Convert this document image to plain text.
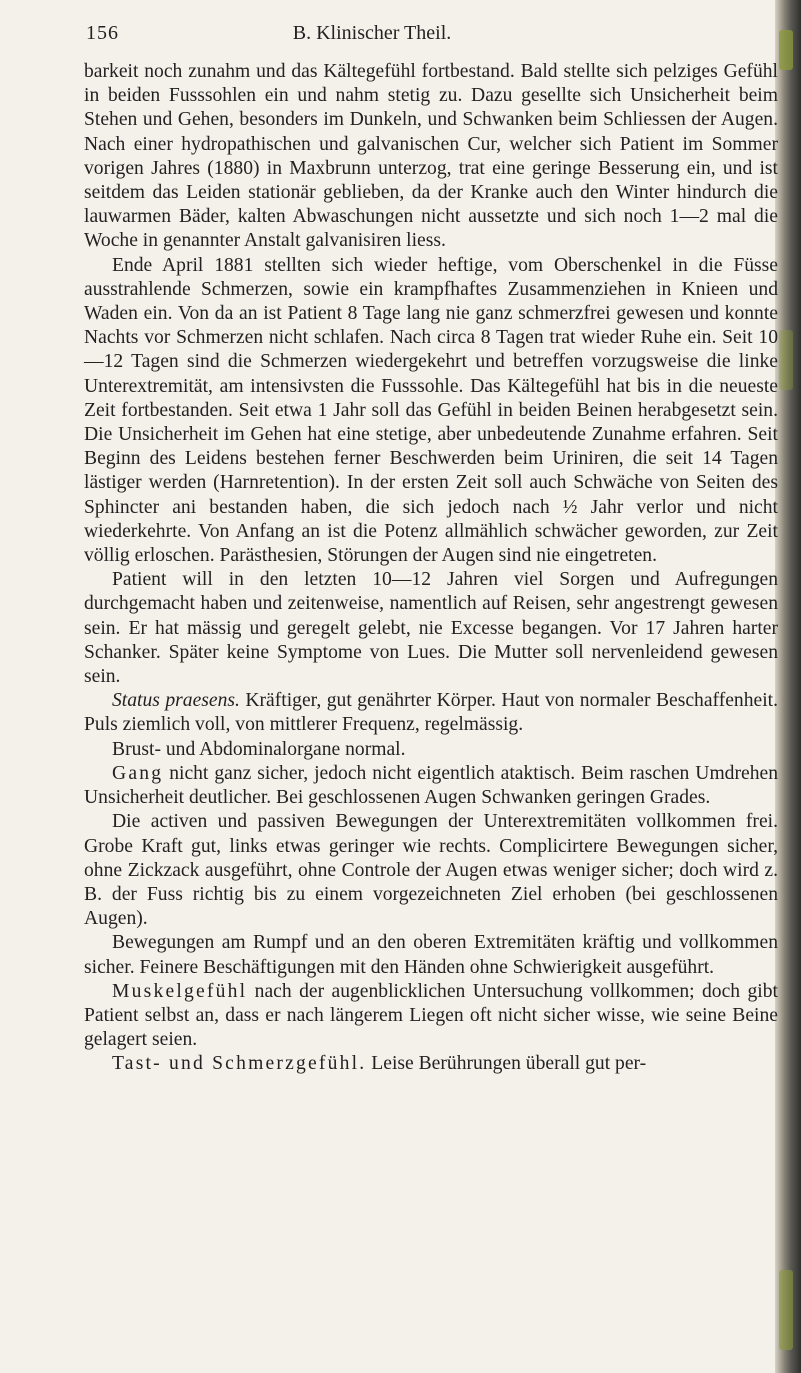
156	B. Klinischer Theil.

barkeit noch zunahm und das Kältegefühl fortbestand. Bald stellte sich pelziges Gefühl in beiden Fusssohlen ein und nahm stetig zu. Dazu gesellte sich Unsicherheit beim Stehen und Gehen, besonders im Dunkeln, und Schwanken beim Schliessen der Augen. Nach einer hydropathischen und galvanischen Cur, welcher sich Patient im Sommer vorigen Jahres (1880) in Maxbrunn unterzog, trat eine geringe Besserung ein, und ist seitdem das Leiden stationär geblieben, da der Kranke auch den Winter hindurch die lauwarmen Bäder, kalten Abwaschungen nicht aussetzte und sich noch 1—2 mal die Woche in genannter Anstalt galvanisiren liess.

Ende April 1881 stellten sich wieder heftige, vom Oberschenkel in die Füsse ausstrahlende Schmerzen, sowie ein krampfhaftes Zusammenziehen in Knieen und Waden ein. Von da an ist Patient 8 Tage lang nie ganz schmerzfrei gewesen und konnte Nachts vor Schmerzen nicht schlafen. Nach circa 8 Tagen trat wieder Ruhe ein. Seit 10—12 Tagen sind die Schmerzen wiedergekehrt und betreffen vorzugsweise die linke Unterextremität, am intensivsten die Fusssohle. Das Kältegefühl hat bis in die neueste Zeit fortbestanden. Seit etwa 1 Jahr soll das Gefühl in beiden Beinen herabgesetzt sein. Die Unsicherheit im Gehen hat eine stetige, aber unbedeutende Zunahme erfahren. Seit Beginn des Leidens bestehen ferner Beschwerden beim Uriniren, die seit 14 Tagen lästiger werden (Harnretention). In der ersten Zeit soll auch Schwäche von Seiten des Sphincter ani bestanden haben, die sich jedoch nach ½ Jahr verlor und nicht wiederkehrte. Von Anfang an ist die Potenz allmählich schwächer geworden, zur Zeit völlig erloschen. Parästhesien, Störungen der Augen sind nie eingetreten.

Patient will in den letzten 10—12 Jahren viel Sorgen und Aufregungen durchgemacht haben und zeitenweise, namentlich auf Reisen, sehr angestrengt gewesen sein. Er hat mässig und geregelt gelebt, nie Excesse begangen. Vor 17 Jahren harter Schanker. Später keine Symptome von Lues. Die Mutter soll nervenleidend gewesen sein.

Status praesens. Kräftiger, gut genährter Körper. Haut von normaler Beschaffenheit. Puls ziemlich voll, von mittlerer Frequenz, regelmässig.

Brust- und Abdominalorgane normal.

Gang nicht ganz sicher, jedoch nicht eigentlich ataktisch. Beim raschen Umdrehen Unsicherheit deutlicher. Bei geschlossenen Augen Schwanken geringen Grades.

Die activen und passiven Bewegungen der Unterextremitäten vollkommen frei. Grobe Kraft gut, links etwas geringer wie rechts. Complicirtere Bewegungen sicher, ohne Zickzack ausgeführt, ohne Controle der Augen etwas weniger sicher; doch wird z. B. der Fuss richtig bis zu einem vorgezeichneten Ziel erhoben (bei geschlossenen Augen).

Bewegungen am Rumpf und an den oberen Extremitäten kräftig und vollkommen sicher. Feinere Beschäftigungen mit den Händen ohne Schwierigkeit ausgeführt.

Muskelgefühl nach der augenblicklichen Untersuchung vollkommen; doch gibt Patient selbst an, dass er nach längerem Liegen oft nicht sicher wisse, wie seine Beine gelagert seien.

Tast- und Schmerzgefühl. Leise Berührungen überall gut per-
